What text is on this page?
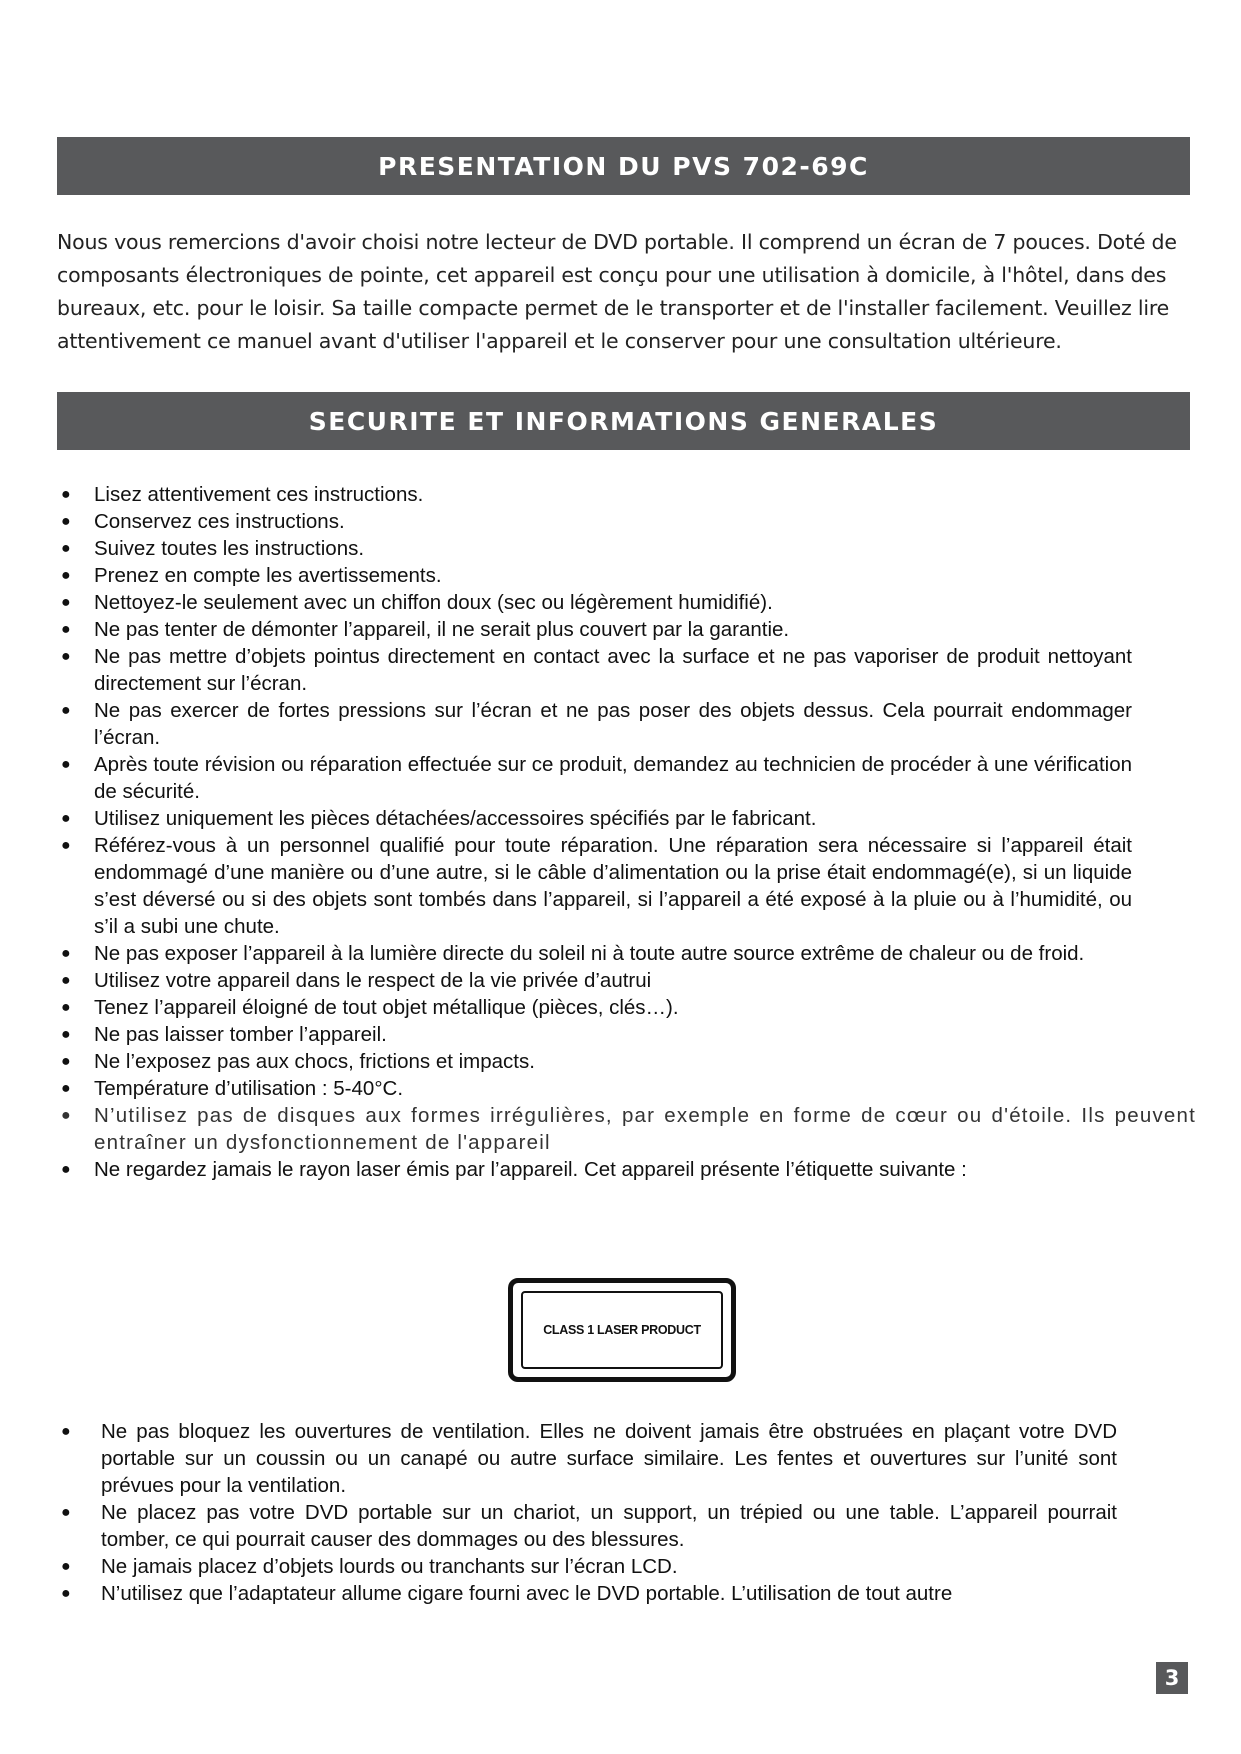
PRESENTATION DU PVS 702-69C

Nous vous remercions d'avoir choisi notre lecteur de DVD portable. Il comprend un écran de 7 pouces. Doté de composants électroniques de pointe, cet appareil est conçu pour une utilisation à domicile, à l'hôtel, dans des bureaux, etc. pour le loisir. Sa taille compacte permet de le transporter et de l'installer facilement. Veuillez lire attentivement ce manuel avant d'utiliser l'appareil et le conserver pour une consultation ultérieure.

SECURITE ET INFORMATIONS GENERALES
● Lisez attentivement ces instructions.
● Conservez ces instructions.
● Suivez toutes les instructions.
● Prenez en compte les avertissements.
● Nettoyez-le seulement avec un chiffon doux (sec ou légèrement humidifié).
● Ne pas tenter de démonter l’appareil, il ne serait plus couvert par la garantie.
● Ne pas mettre d’objets pointus directement en contact avec la surface et ne pas vaporiser de produit nettoyant directement sur l’écran.
● Ne pas exercer de fortes pressions sur l’écran et ne pas poser des objets dessus. Cela pourrait endommager l’écran.
● Après toute révision ou réparation effectuée sur ce produit, demandez au technicien de procéder à une vérification de sécurité.
● Utilisez uniquement les pièces détachées/accessoires spécifiés par le fabricant.
● Référez-vous à un personnel qualifié pour toute réparation. Une réparation sera nécessaire si l’appareil était endommagé d’une manière ou d’une autre, si le câble d’alimentation ou la prise était endommagé(e), si un liquide s’est déversé ou si des objets sont tombés dans l’appareil, si l’appareil a été exposé à la pluie ou à l’humidité, ou s’il a subi une chute.
● Ne pas exposer l’appareil à la lumière directe du soleil ni à toute autre source extrême de chaleur ou de froid.
● Utilisez votre appareil dans le respect de la vie privée d’autrui
● Tenez l’appareil éloigné de tout objet métallique (pièces, clés…).
● Ne pas laisser tomber l’appareil.
● Ne l’exposez pas aux chocs, frictions et impacts.
● Température d’utilisation : 5-40°C.
● N’utilisez pas de disques aux formes irrégulières, par exemple en forme de cœur ou d'étoile. Ils peuvent entraîner un dysfonctionnement de l'appareil
● Ne regardez jamais le rayon laser émis par l’appareil. Cet appareil présente l’étiquette suivante :
CLASS 1 LASER PRODUCT
● Ne pas bloquez les ouvertures de ventilation. Elles ne doivent jamais être obstruées en plaçant votre DVD portable sur un coussin ou un canapé ou autre surface similaire. Les fentes et ouvertures sur l’unité sont prévues pour la ventilation.
● Ne placez pas votre DVD portable sur un chariot, un support, un trépied ou une table. L’appareil pourrait tomber, ce qui pourrait causer des dommages ou des blessures.
● Ne jamais placez d’objets lourds ou tranchants sur l’écran LCD.
● N’utilisez que l’adaptateur allume cigare fourni avec le DVD portable. L’utilisation de tout autre
3
